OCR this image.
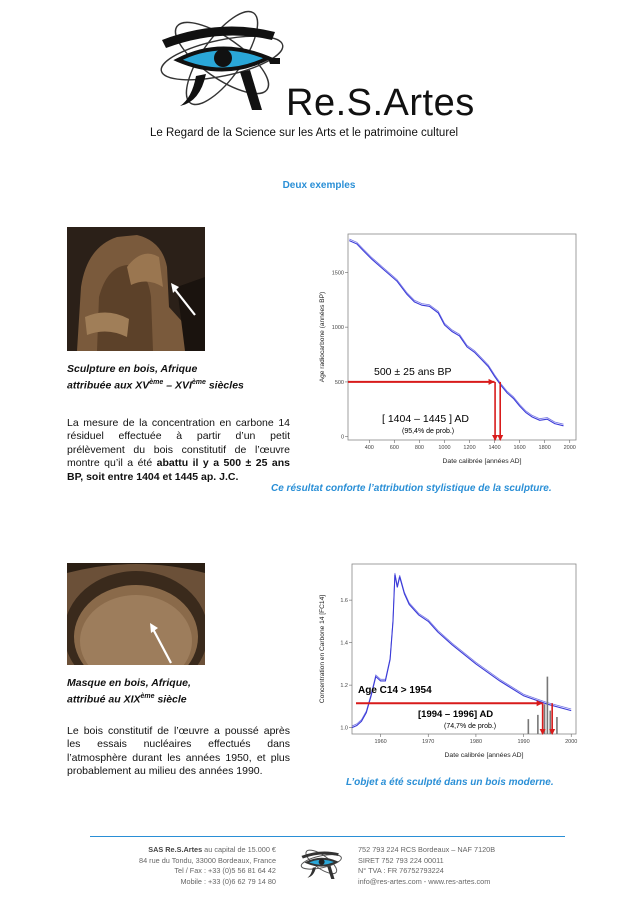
Re.S.Artes
Le Regard de la Science sur les Arts et le patrimoine culturel
Deux exemples
Sculpture en bois, Afrique
attribuée aux XVème – XVIème siècles
La mesure de la concentration en carbone 14
résiduel effectuée à partir d’un petit
prélèvement du bois constitutif de l’œuvre
montre qu’il a été abattu il y a 500 ± 25 ans
BP, soit entre 1404 et 1445 ap. J.C.
400	600	800	1000 1200 1400 1600 1800 2000
0
500
1000
1500
Date calibrée [années AD]
Age radiocarbone (années BP)	500 ± 25 ans BP
[ 1404 – 1445 ] AD
(95,4% de prob.)
Ce résultat conforte l’attribution stylistique de la sculpture.
Masque en bois, Afrique,
attribué au XIXème siècle
Le bois constitutif de l’œuvre a poussé après
les essais nucléaires effectués dans
l’atmosphère durant les années 1950, et plus
probablement au milieu des années 1990.
1960	1970	1980	1990	2000
1.0
1.2
1.4
1.6
Date calibrée [années AD]
Concentration en Carbone 14 [FC14]	Age C14 > 1954
[1994 – 1996] AD
(74,7% de prob.)
L’objet a été sculpté dans un bois moderne.
SAS Re.S.Artes au capital de 15.000 €
84 rue du Tondu, 33000 Bordeaux, France
Tel / Fax : +33 (0)5 56 81 64 42
Mobile : +33 (0)6 62 79 14 80
752 793 224 RCS Bordeaux – NAF 7120B
SIRET 752 793 224 00011
N° TVA : FR 76752793224
info@res-artes.com - www.res-artes.com
